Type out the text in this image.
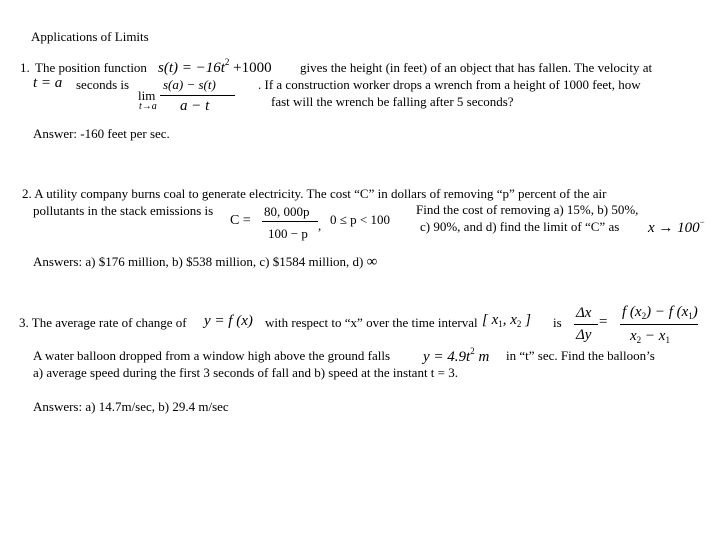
Applications of Limits
1. The position function $s(t) = -16t^2 +1000$ gives the height (in feet) of an object that has fallen. The velocity at
t = a seconds is	s(a) − s(t)
lim
t→a a − t
. If a construction worker drops a wrench from a height of 1000 feet, how
fast will the wrench be falling after 5 seconds?
Answer: -160 feet per sec.
2. A utility company burns coal to generate electricity. The cost “C” in dollars of removing “p” percent of the air
pollutants in the stack emissions is
C =
80, 000p
100 − p
, 0 ≤ p < 100
Find the cost of removing a) 15%, b) 50%,
c) 90%, and d) find the limit of “C” as x → 100−
Answers: a) $176 million, b) $538 million, c) $1584 million, d) ∞
3. The average rate of change of y = f (x) with respect to “x” over the time interval [ $x_1$, $x_2$ ] is
Δx
Δy
=
f $(x_2) - f$ $(x_1)$
$x_2 - x_1$
A water balloon dropped from a window high above the ground falls $y = 4.9t^2$ m in “t” sec. Find the balloon’s
a) average speed during the first 3 seconds of fall and b) speed at the instant t = 3.
Answers: a) 14.7m/sec, b) 29.4 m/sec
